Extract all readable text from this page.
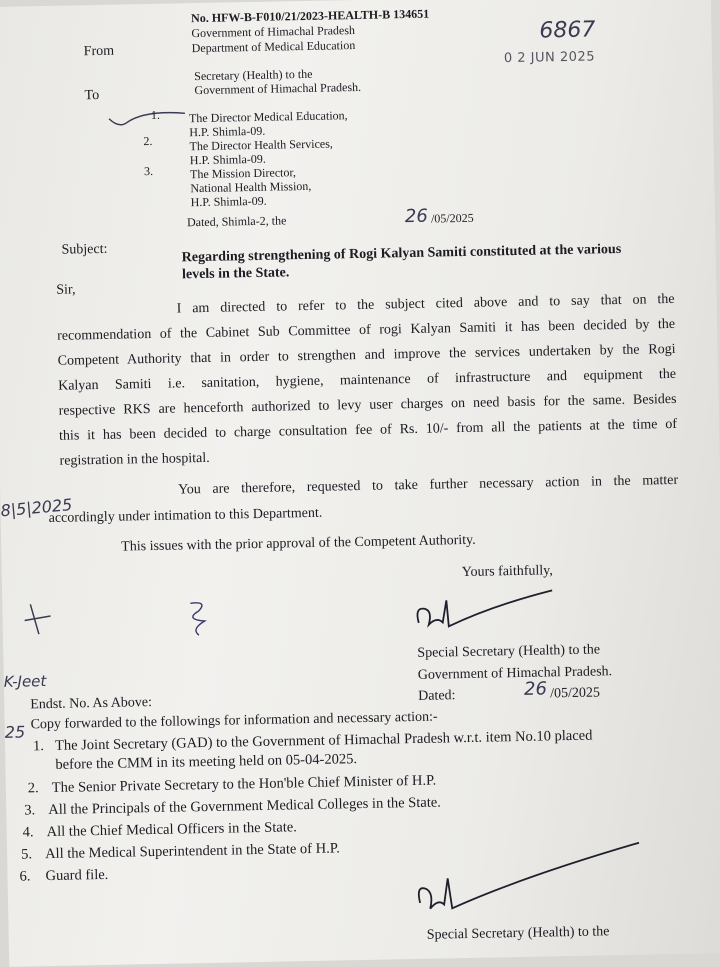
No. HFW-B-F010/21/2023-HEALTH-B 134651
Government of Himachal Pradesh
Department of Medical Education
From
6867
0 2 JUN 2025
Secretary (Health) to the
Government of Himachal Pradesh.
To
1. The Director Medical Education,
H.P. Shimla-09.
2.	The Director Health Services,
H.P. Shimla-09.
3.	The Mission Director,
National Health Mission,
H.P. Shimla-09.
Dated, Shimla-2, the	26 /05/2025
Subject:	Regarding strengthening of Rogi Kalyan Samiti constituted at the various
levels in the State.
Sir,
I am directed to refer to the subject cited above and to say that on the
recommendation of the Cabinet Sub Committee of rogi Kalyan Samiti it has been decided by the
Competent Authority that in order to strengthen and improve the services undertaken by the Rogi
Kalyan Samiti i.e. sanitation, hygiene, maintenance of infrastructure and equipment the
respective RKS are henceforth authorized to levy user charges on need basis for the same. Besides
this it has been decided to charge consultation fee of Rs. 10/- from all the patients at the time of
registration in the hospital.
You are therefore, requested to take further necessary action in the matter
accordingly under intimation to this Department.
8|5|2025
This issues with the prior approval of the Competent Authority.
Yours faithfully,
Special Secretary (Health) to the
Government of Himachal Pradesh.
Dated:	26 /05/2025
K-Jeet
Endst. No. As Above:
Copy forwarded to the followings for information and necessary action:-
25
1. The Joint Secretary (GAD) to the Government of Himachal Pradesh w.r.t. item No.10 placed
before the CMM in its meeting held on 05-04-2025.
2. The Senior Private Secretary to the Hon'ble Chief Minister of H.P.
3. All the Principals of the Government Medical Colleges in the State.
4. All the Chief Medical Officers in the State.
5. All the Medical Superintendent in the State of H.P.
6. Guard file.
Special Secretary (Health) to the
